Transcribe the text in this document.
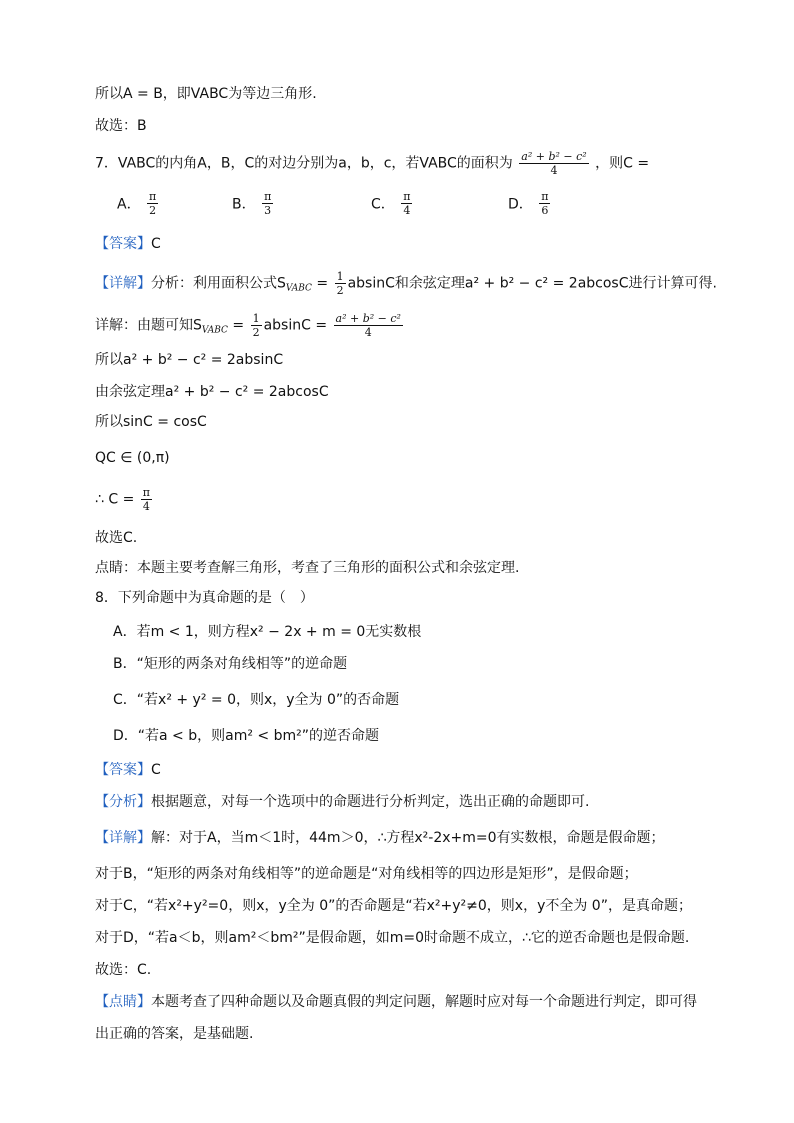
所以A = B，即VABC为等边三角形.
故选：B
7．VABC的内角A，B，C的对边分别为a，b，c，若VABC的面积为 $\frac{\text{a² + b² − c²}}{4}$ ，则C =
A． $\frac{\pi}{2}$	B． $\frac{\pi}{3}$	C． $\frac{\pi}{4}$	D． $\frac{\pi}{6}$
【答案】C
【详解】分析：利用面积公式$S_{VABC} = \frac{1}{2}$ absinC和余弦定理a² + b² − c² = 2abcosC进行计算可得.
详解：由题可知$S_{VABC} = \frac{1}{2}$ $absinC = \frac{\text{a² + b² − c²}}{4}$
所以a² + b² − c² = 2absinC
由余弦定理a² + b² − c² = 2abcosC
所以sinC = cosC
QC ∈ (0,π)
∴ $C = \frac{\pi}{4}$
故选C.
点睛：本题主要考查解三角形，考查了三角形的面积公式和余弦定理.
8．下列命题中为真命题的是（　）
A．若m < 1，则方程x² − 2x + m = 0无实数根
B．“矩形的两条对角线相等”的逆命题
C．“若x² + y² = 0，则x，y全为 0”的否命题
D．“若a < b，则am² < bm²”的逆否命题
【答案】C
【分析】根据题意，对每一个选项中的命题进行分析判定，选出正确的命题即可.
【详解】解：对于A，当m＜1时，44m＞0，∴方程x²-2x+m=0有实数根，命题是假命题；
对于B，“矩形的两条对角线相等”的逆命题是“对角线相等的四边形是矩形”，是假命题；
对于C，“若x²+y²=0，则x，y全为 0”的否命题是“若x²+y²≠0，则x，y不全为 0”，是真命题；
对于D，“若a＜b，则am²＜bm²”是假命题，如m=0时命题不成立，∴它的逆否命题也是假命题.
故选：C.
【点睛】本题考查了四种命题以及命题真假的判定问题，解题时应对每一个命题进行判定，即可得
出正确的答案，是基础题.
